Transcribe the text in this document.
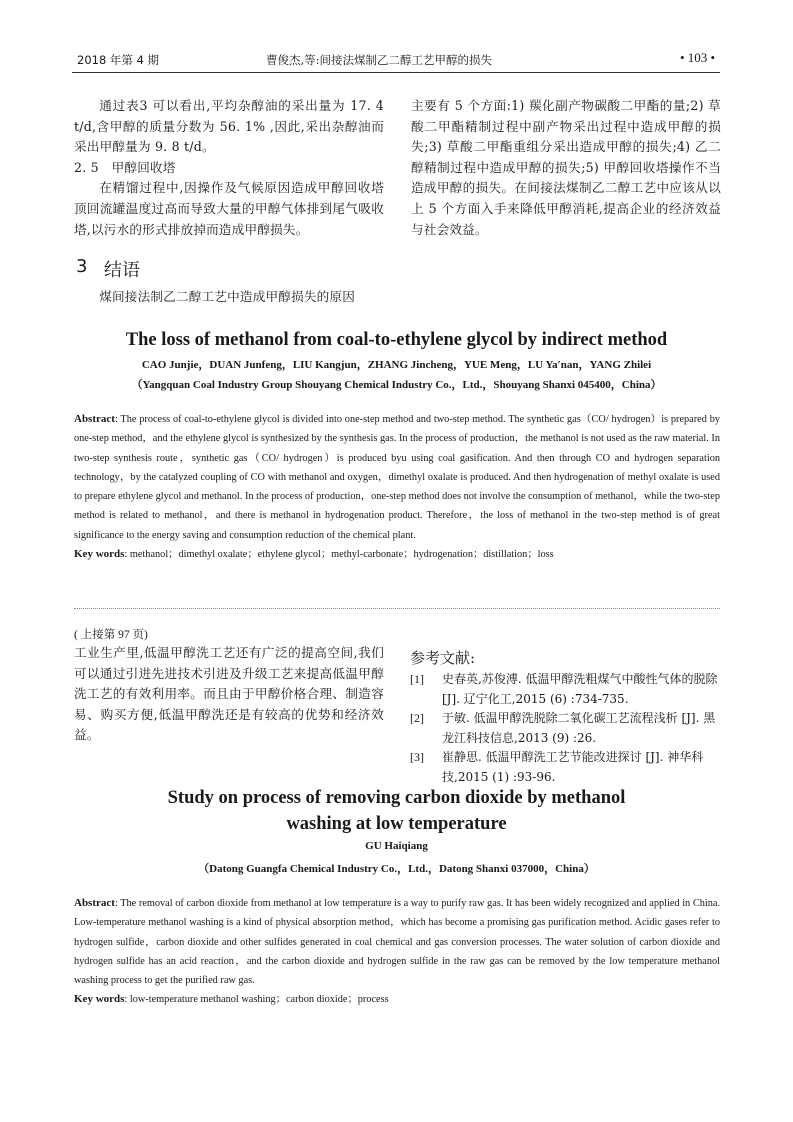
2018 年第 4 期	曹俊杰,等:间接法煤制乙二醇工艺甲醇的损失	• 103 •

通过表3 可以看出,平均杂醇油的采出量为 17. 4 t/d,含甲醇的质量分数为 56. 1% ,因此,采出杂醇油而采出甲醇量为 9. 8 t/d。

2. 5　甲醇回收塔

在精馏过程中,因操作及气候原因造成甲醇回收塔顶回流罐温度过高而导致大量的甲醇气体排到尾气吸收塔,以污水的形式排放掉而造成甲醇损失。

3 结语

煤间接法制乙二醇工艺中造成甲醇损失的原因

主要有 5 个方面:1) 羰化副产物碳酸二甲酯的量;2) 草酸二甲酯精制过程中副产物采出过程中造成甲醇的损失;3) 草酸二甲酯重组分采出造成甲醇的损失;4) 乙二醇精制过程中造成甲醇的损失;5) 甲醇回收塔操作不当造成甲醇的损失。在间接法煤制乙二醇工艺中应该从以上 5 个方面入手来降低甲醇消耗,提高企业的经济效益与社会效益。

The loss of methanol from coal-to-ethylene glycol by indirect method
CAO Junjie，DUAN Junfeng，LIU Kangjun，ZHANG Jincheng，YUE Meng，LU Ya′nan，YANG Zhilei
（Yangquan Coal Industry Group Shouyang Chemical Industry Co.，Ltd.，Shouyang Shanxi 045400，China）
Abstract: The process of coal-to-ethylene glycol is divided into one-step method and two-step method. The synthetic gas（CO/ hydrogen）is prepared by one-step method，and the ethylene glycol is synthesized by the synthesis gas. In the process of production，the methanol is not used as the raw material. In two-step synthesis route，synthetic gas（CO/ hydrogen）is produced byu using coal gasification. And then through CO and hydrogen separation technology，by the catalyzed coupling of CO with methanol and oxygen，dimethyl oxalate is produced. And then hydrogenation of methyl oxalate is used to prepare ethylene glycol and methanol. In the process of production，one-step method does not involve the consumption of methanol，while the two-step method is related to methanol，and there is methanol in hydrogenation product. Therefore，the loss of methanol in the two-step method is of great significance to the energy saving and consumption reduction of the chemical plant.
Key words: methanol；dimethyl oxalate；ethylene glycol；methyl-carbonate；hydrogenation；distillation；loss
( 上接第 97 页)

工业生产里,低温甲醇洗工艺还有广泛的提高空间,我们可以通过引进先进技术引进及升级工艺来提高低温甲醇洗工艺的有效利用率。而且由于甲醇价格合理、制造容易、购买方便,低温甲醇洗还是有较高的优势和经济效益。

参考文献:
[1]	史春英,苏俊溥. 低温甲醇洗粗煤气中酸性气体的脱除[J]. 辽宁化工,2015 (6) :734-735.
[2]	于敏. 低温甲醇洗脱除二氧化碳工艺流程浅析 [J]. 黑龙江科技信息,2013 (9) :26.
[3]	崔静思. 低温甲醇洗工艺节能改进探讨 [J]. 神华科技,2015 (1) :93-96.
Study on process of removing carbon dioxide by methanol
washing at low temperature
GU Haiqiang
（Datong Guangfa Chemical Industry Co.，Ltd.，Datong Shanxi 037000，China）
Abstract: The removal of carbon dioxide from methanol at low temperature is a way to purify raw gas. It has been widely recognized and applied in China. Low-temperature methanol washing is a kind of physical absorption method，which has become a promising gas purification method. Acidic gases refer to hydrogen sulfide，carbon dioxide and other sulfides generated in coal chemical and gas conversion processes. The water solution of carbon dioxide and hydrogen sulfide has an acid reaction，and the carbon dioxide and hydrogen sulfide in the raw gas can be removed by the low temperature methanol washing process to get the purified raw gas.
Key words: low-temperature methanol washing；carbon dioxide；process
